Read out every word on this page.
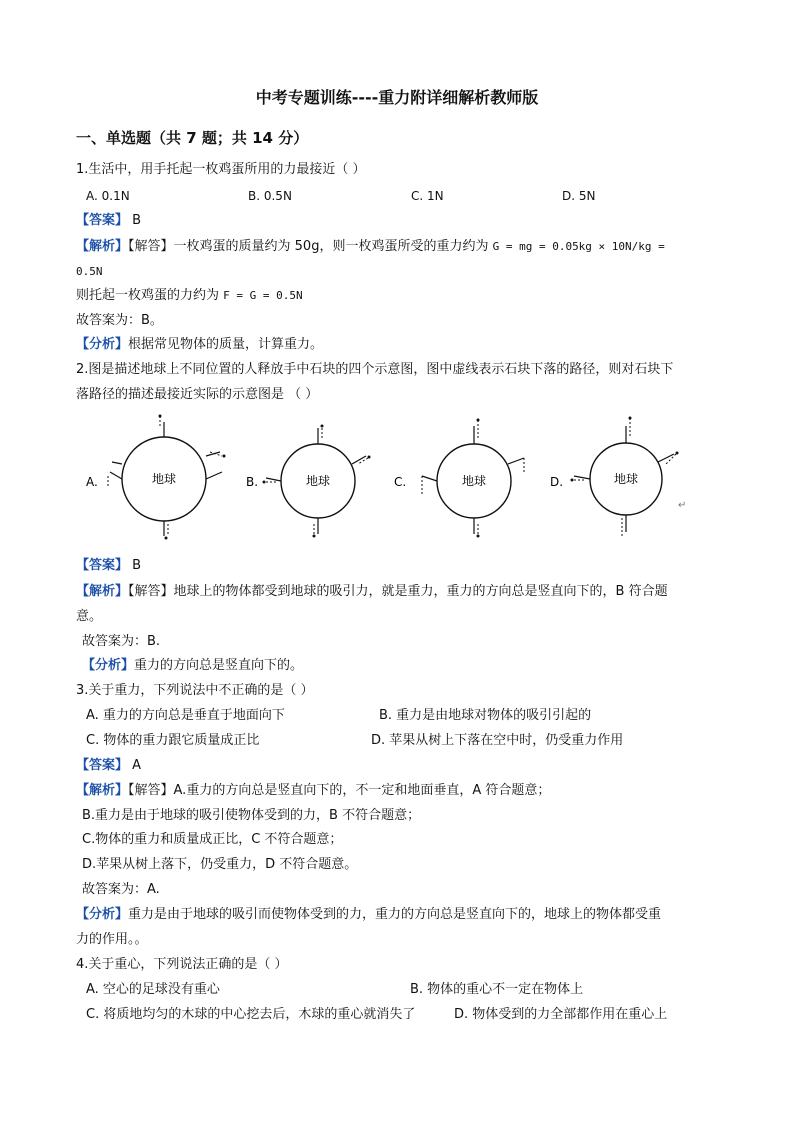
中考专题训练----重力附详细解析教师版
一、单选题（共 7 题；共 14 分）
1.生活中，用手托起一枚鸡蛋所用的力最接近（ ）
A. 0.1N	B. 0.5N	C. 1N	D. 5N
【答案】 B
【解析】【解答】一枚鸡蛋的质量约为 50g，则一枚鸡蛋所受的重力约为 G = mg = 0.05kg × 10N/kg =
0.5N
则托起一枚鸡蛋的力约为 F = G = 0.5N
故答案为：B。
【分析】根据常见物体的质量，计算重力。
2.图是描述地球上不同位置的人释放手中石块的四个示意图，图中虚线表示石块下落的路径，则对石块下
落路径的描述最接近实际的示意图是 （ ）
A.	地球	B.	地球	C.	地球	D.	地球
↵
【答案】 B
【解析】【解答】地球上的物体都受到地球的吸引力，就是重力，重力的方向总是竖直向下的，B 符合题
意。
故答案为：B.
【分析】重力的方向总是竖直向下的。
3.关于重力，下列说法中不正确的是（ ）
A. 重力的方向总是垂直于地面向下	B. 重力是由地球对物体的吸引引起的
C. 物体的重力跟它质量成正比	D. 苹果从树上下落在空中时，仍受重力作用
【答案】 A
【解析】【解答】A.重力的方向总是竖直向下的，不一定和地面垂直，A 符合题意；
B.重力是由于地球的吸引使物体受到的力，B 不符合题意；
C.物体的重力和质量成正比，C 不符合题意；
D.苹果从树上落下，仍受重力，D 不符合题意。
故答案为：A.
【分析】重力是由于地球的吸引而使物体受到的力，重力的方向总是竖直向下的，地球上的物体都受重
力的作用。。
4.关于重心，下列说法正确的是（ ）
A. 空心的足球没有重心	B. 物体的重心不一定在物体上
C. 将质地均匀的木球的中心挖去后，木球的重心就消失了	D. 物体受到的力全部都作用在重心上
